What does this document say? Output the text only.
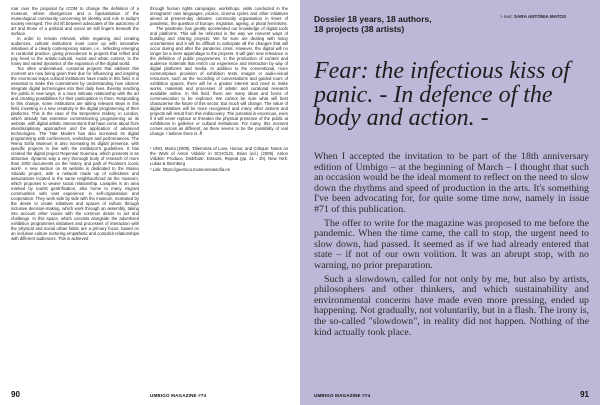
roar over the proposal by ICOM to change the definition of a museum, where divergences and a bipolarisation of the museological community concerning its identity and role in today's society emerged. The old rift between advocates of the autonomy of art and those of a political and social art still lingers beneath the surface.

In order to remain relevant, while regaining and creating audiences, cultural institutions must come up with innovative initiatives of a clearly contemporary nature, i.e., reflecting emerging in curatorial practice, giving precedence to projects that reflect and pay heed to the artistic-cultural, social and urban context, to the many and varied dynamics of the expansion of the digital world.

Too often undervalued, curatorial projects that address this moment are now being given their due for influencing and inspiring the enormous leaps cultural institutions have made in this field. It is essential to make this commitment by understanding how citizens integrate digital technologies into their daily lives, thereby reaching the public in new ways, in a more intimate relationship with the art and creating possibilities for their participation in them. Responding to this change, some institutions are taking relevant steps in this field, investing in a new creativity in the digital programming of their platforms. This is the case of the Serpentine Gallery, in London, which already has extensive commissioning programming on its website, with digital artistic interventions that have come about from interdisciplinary approaches and the application of advanced technologies. The Tate Modern has also increased its digital programming with conferences, workshops and performances. The Reina Sofía Museum is also increasing its digital presence, with specific projects in line with the institution's guidelines. It has created the digital project Repensar Guernica, which presents in an attractive, dynamic way a very thorough body of research of more than 2000 documents on the history and path of Picasso's iconic work¹. A new section on its website is dedicated to the Museo Situado project, with a network made up of collectives and associations located in the same neighbourhood as the museum, which proposes to weave social relationship. Lavapiés is an area marked by tourist gentrification, also home to many migrant communities with vast experience in self-organisation and cooperation. They work side by side with the museum, motivated by the desire to create initiatives and spaces of culture through inclusive decision-making, which work through an assembly, taking into account other voices with the common desire to act and challenge. In this space, which coexists alongside the advertised exhibition programmes initiatives and processes of interaction with the physical and social urban fabric are a primary focus, based on an inclusive culture nurturing empathetic and complicit relationships with different audiences. This is achieved

through human rights campaigns, workshops, visits conducted in the immigrants' own languages, picnics, cinema cycles and other initiatives aimed at present-day debates: community organisation in times of pandemic, the question of Europe, migration, ageing, or plural feminisms.

The pandemic has greatly accelerated our knowledge of digital tools and platforms. This will be reflected in the way we reinvent ways of building and sharing projects. We for sure are dealing with many uncertainties and it will be difficult to anticipate all the changes that will occur during and after the pandemic crisis. However, the digital will no longer be a mere appendage to the projects. It will gain new relevance in the definition of public programmes, in the production of content and audience materials that enrich our experience and interaction by way of digital platforms and media. In addition to the conventional, more commonplace provision of exhibition texts, images or audio-visual resources, such as the recording of conversations and guided tours of exhibition spaces, there will be a greater interest and need to make works, materials and processes of artistic and curatorial research available online. In this field, there are many ideas and forms of communication to be explored. We cannot be sure what will best characterise the future of this sector. But much will change. The value of digital initiatives will be more recognised and many other actions and projects will result from this rediscovery. The potential is enormous, even if it will never replace or threaten the physical presence of the public at exhibitions in galleries or cultural institutions. For many, this moment comes across as different, as there seems to be the possibility of real change. I believe there is. //

¹ UNO, María (2009). 'Dilemmas of Love, Humor, and Critique: Notes on the Work of Anton Vidokle' in SCHOLIS, Brian (ed.) (2009). Anton Vidokle: Produce, Distribute, Discuss, Repeat (pp. 21 - 30). New York: Lukas & Sternberg

² Link: https://guernica.museoreinasofia.es

90	UMBIGO MAGAZINE #74
Dossier 18 years, 18 authors,
18 projects (38 artists)
> text: SARA ANTÓNIA MATOS
Fear: the infectious kiss of panic. - In defence of the body and action. -

When I accepted the invitation to be part of the 18th anniversary edition of Umbigo – at the beginning of March – I thought that such an occasion would be the ideal moment to reflect on the need to slow down the rhythms and speed of production in the arts. It's something I've been advocating for, for quite some time now, namely in issue #71 of this publication.

The offer to write for the magazine was proposed to me before the pandemic. When the time came, the call to stop, the urgent need to slow down, had passed. It seemed as if we had already entered that state – if not of our own volition. It was an abrupt stop, with no warning, no prior preparation.

Such a slowdown, called for not only by me, but also by artists, philosophers and other thinkers, and which sustainability and environmental concerns have made even more pressing, ended up happening. Not gradually, not voluntarily, but in a flash. The irony is, the so-called "slowdown", in reality did not happen. Nothing of the kind actually took place.

UMBIGO MAGAZINE #74	91
